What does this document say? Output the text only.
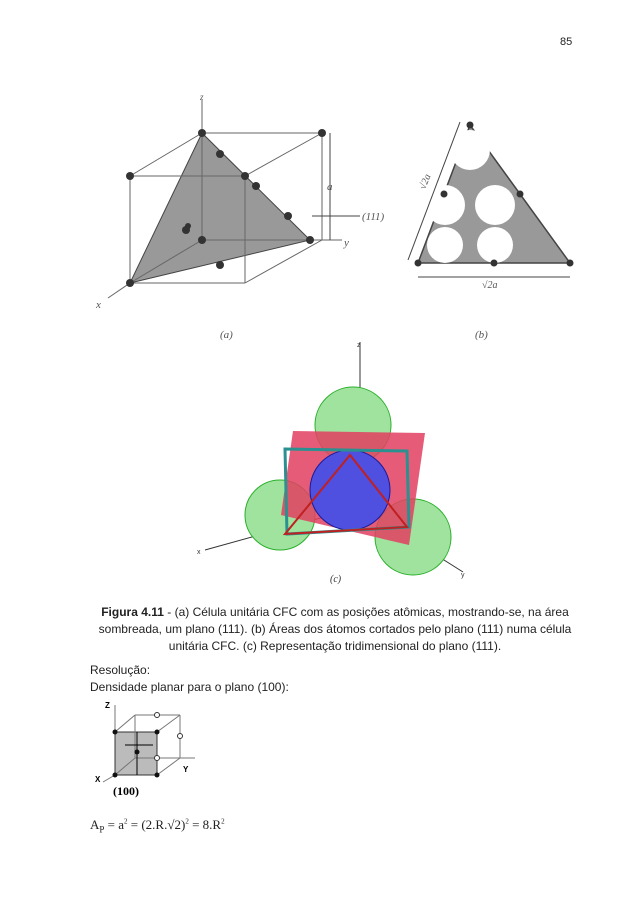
85
z
x
y
a
(111)
(a)
√2a
√2a
(b)
z
x
y
(c)
Figura 4.11 - (a) Célula unitária CFC com as posições atômicas, mostrando-se, na área sombreada, um plano (111). (b) Áreas dos átomos cortados pelo plano (111) numa célula unitária CFC. (c) Representação tridimensional do plano (111).
Resolução:
Densidade planar para o plano (100):
Z
X
Y
(100)
$A_P = a^2 = (2.R.√2)^2 = 8.R^2$
